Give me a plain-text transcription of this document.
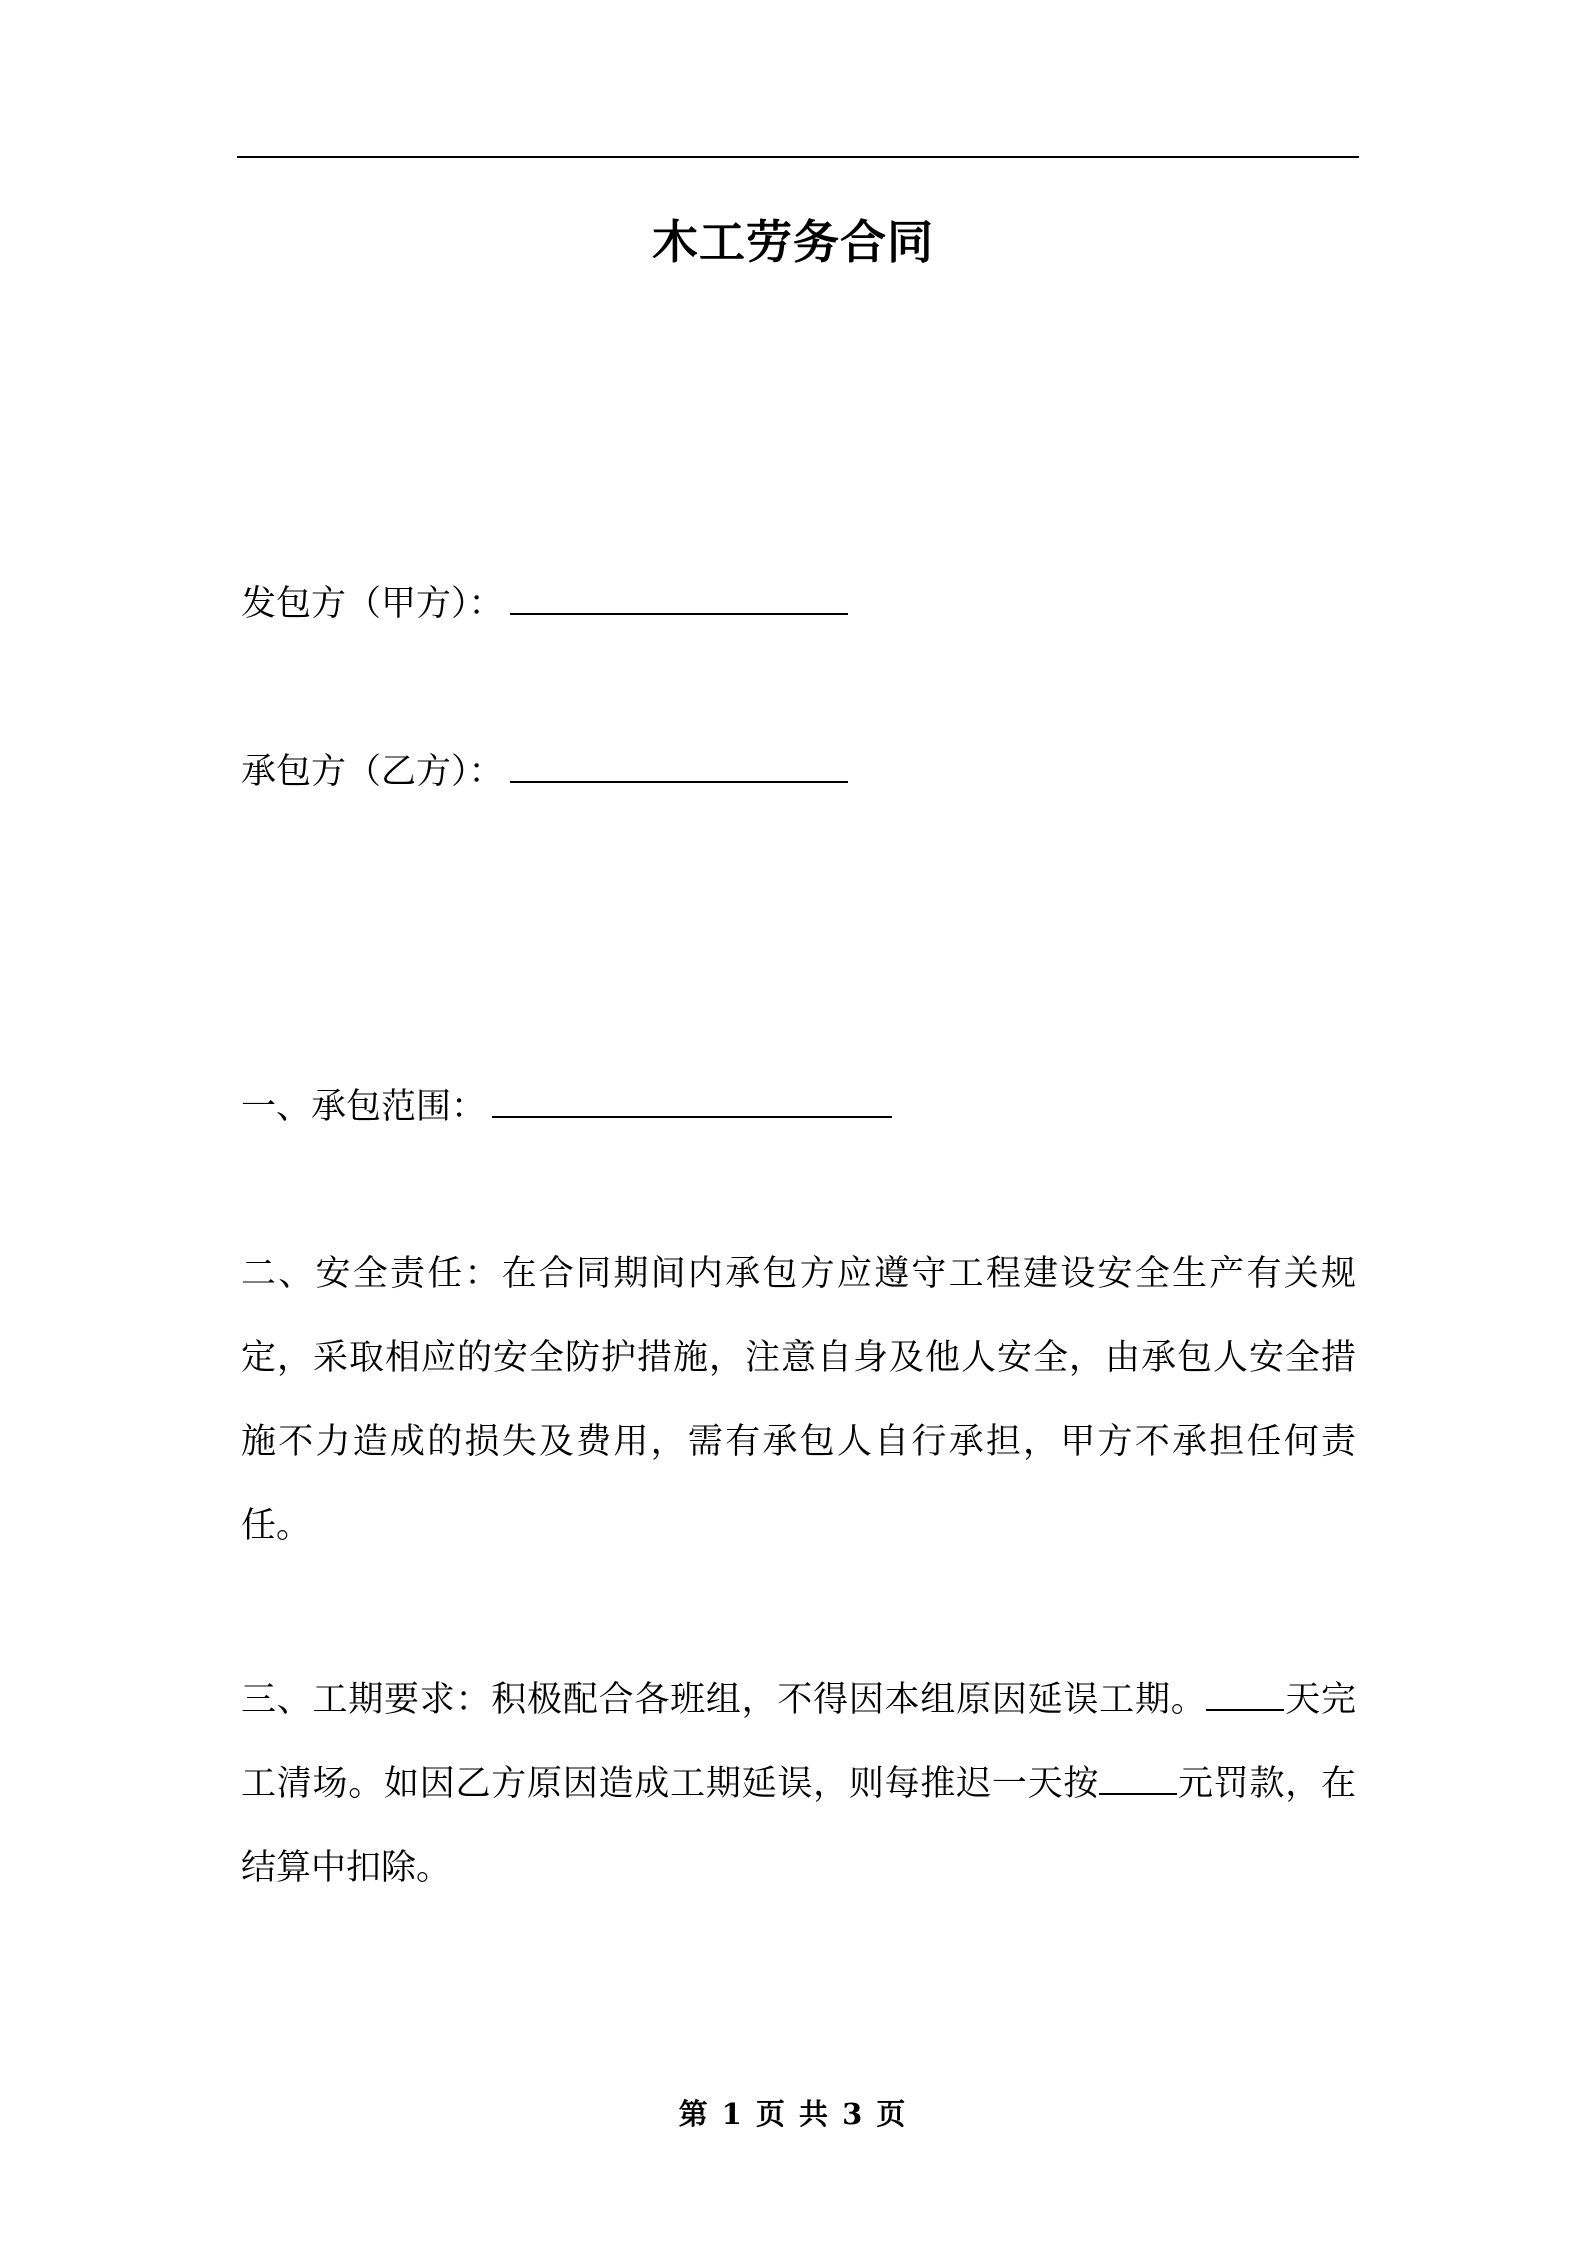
木工劳务合同
发包方（甲方）：
承包方（乙方）：
一、承包范围：
二、安全责任：在合同期间内承包方应遵守工程建设安全生产有关规定，采取相应的安全防护措施，注意自身及他人安全，由承包人安全措施不力造成的损失及费用，需有承包人自行承担，甲方不承担任何责任。
三、工期要求：积极配合各班组，不得因本组原因延误工期。 天完工清场。如因乙方原因造成工期延误，则每推迟一天按 元罚款，在结算中扣除。
第 1 页 共 3 页
